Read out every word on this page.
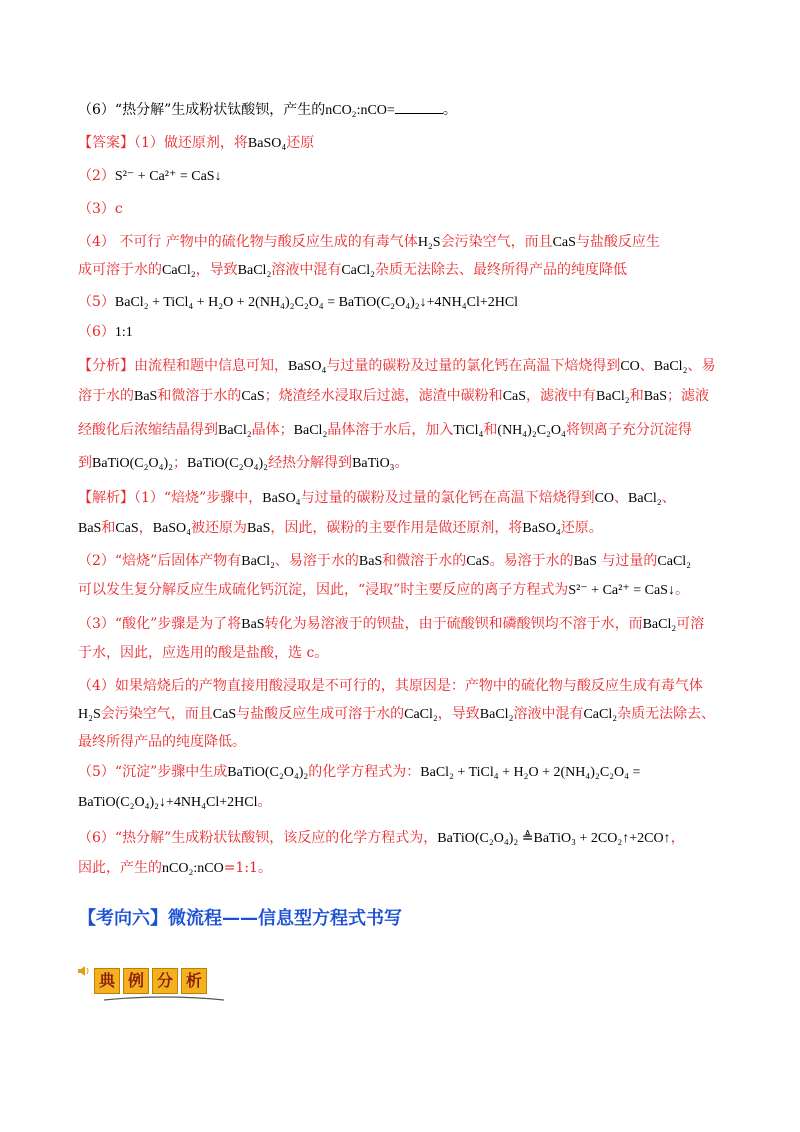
【考向六】微流程——信息型方程式书写
典 例 分 析
（6）“热分解”生成粉状钛酸钡，产生的nCO₂:nCO=	。
【答案】（1）做还原剂，将BaSO₄还原
（2）S²⁻ + Ca²⁺ = CaS↓
（3）c
（4） 不可行 产物中的硫化物与酸反应生成的有毒气体H₂S会污染空气，而且CaS与盐酸反应生
成可溶于水的CaCl₂，导致BaCl₂溶液中混有CaCl₂杂质无法除去、最终所得产品的纯度降低
（5）BaCl₂ + TiCl₄ + H₂O + 2(NH₄)₂C₂O₄ = BaTiO(C₂O₄)₂↓+4NH₄Cl+2HCl
（6）1:1
【分析】由流程和题中信息可知，BaSO₄与过量的碳粉及过量的氯化钙在高温下焙烧得到CO、BaCl₂、易
溶于水的BaS和微溶于水的CaS；烧渣经水浸取后过滤，滤渣中碳粉和CaS，滤液中有BaCl₂和BaS；滤液
经酸化后浓缩结晶得到BaCl₂晶体；BaCl₂晶体溶于水后，加入TiCl₄和(NH₄)₂C₂O₄将钡离子充分沉淀得
到BaTiO(C₂O₄)₂；BaTiO(C₂O₄)₂经热分解得到BaTiO₃。
【解析】（1）“焙烧”步骤中，BaSO₄与过量的碳粉及过量的氯化钙在高温下焙烧得到CO、BaCl₂、
BaS和CaS，BaSO₄被还原为BaS，因此，碳粉的主要作用是做还原剂，将BaSO₄还原。
（2）“焙烧”后固体产物有BaCl₂、易溶于水的BaS和微溶于水的CaS。易溶于水的BaS 与过量的CaCl₂
可以发生复分解反应生成硫化钙沉淀，因此，“浸取”时主要反应的离子方程式为S²⁻ + Ca²⁺ = CaS↓。
（3）“酸化”步骤是为了将BaS转化为易溶液于的钡盐，由于硫酸钡和磷酸钡均不溶于水，而BaCl₂可溶
于水，因此，应选用的酸是盐酸，选 c。
（4）如果焙烧后的产物直接用酸浸取是不可行的，其原因是：产物中的硫化物与酸反应生成有毒气体
H₂S会污染空气，而且CaS与盐酸反应生成可溶于水的CaCl₂，导致BaCl₂溶液中混有CaCl₂杂质无法除去、
最终所得产品的纯度降低。
（5）“沉淀”步骤中生成BaTiO(C₂O₄)₂的化学方程式为：BaCl₂ + TiCl₄ + H₂O + 2(NH₄)₂C₂O₄ =
BaTiO(C₂O₄)₂↓+4NH₄Cl+2HCl。
（6）“热分解”生成粉状钛酸钡，该反应的化学方程式为，BaTiO(C₂O₄)₂ ≜BaTiO₃ + 2CO₂↑+2CO↑，
因此，产生的nCO₂:nCO=1:1。
